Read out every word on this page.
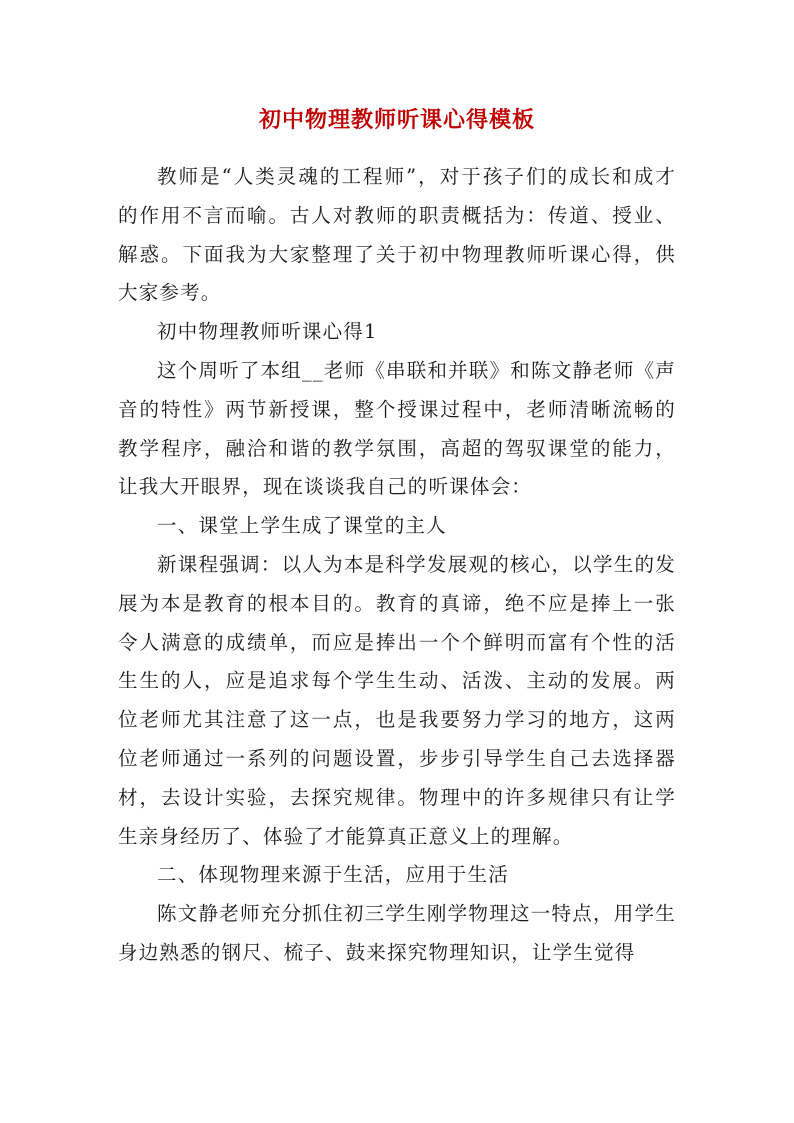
初中物理教师听课心得模板

教师是“人类灵魂的工程师”，对于孩子们的成长和成才的作用不言而喻。古人对教师的职责概括为：传道、授业、解惑。下面我为大家整理了关于初中物理教师听课心得，供大家参考。

初中物理教师听课心得1

这个周听了本组__老师《串联和并联》和陈文静老师《声音的特性》两节新授课，整个授课过程中，老师清晰流畅的教学程序，融洽和谐的教学氛围，高超的驾驭课堂的能力，让我大开眼界，现在谈谈我自己的听课体会：

一、课堂上学生成了课堂的主人

新课程强调：以人为本是科学发展观的核心，以学生的发展为本是教育的根本目的。教育的真谛，绝不应是捧上一张令人满意的成绩单，而应是捧出一个个鲜明而富有个性的活生生的人，应是追求每个学生生动、活泼、主动的发展。两位老师尤其注意了这一点，也是我要努力学习的地方，这两位老师通过一系列的问题设置，步步引导学生自己去选择器材，去设计实验，去探究规律。物理中的许多规律只有让学生亲身经历了、体验了才能算真正意义上的理解。

二、体现物理来源于生活，应用于生活

陈文静老师充分抓住初三学生刚学物理这一特点，用学生身边熟悉的钢尺、梳子、鼓来探究物理知识，让学生觉得
